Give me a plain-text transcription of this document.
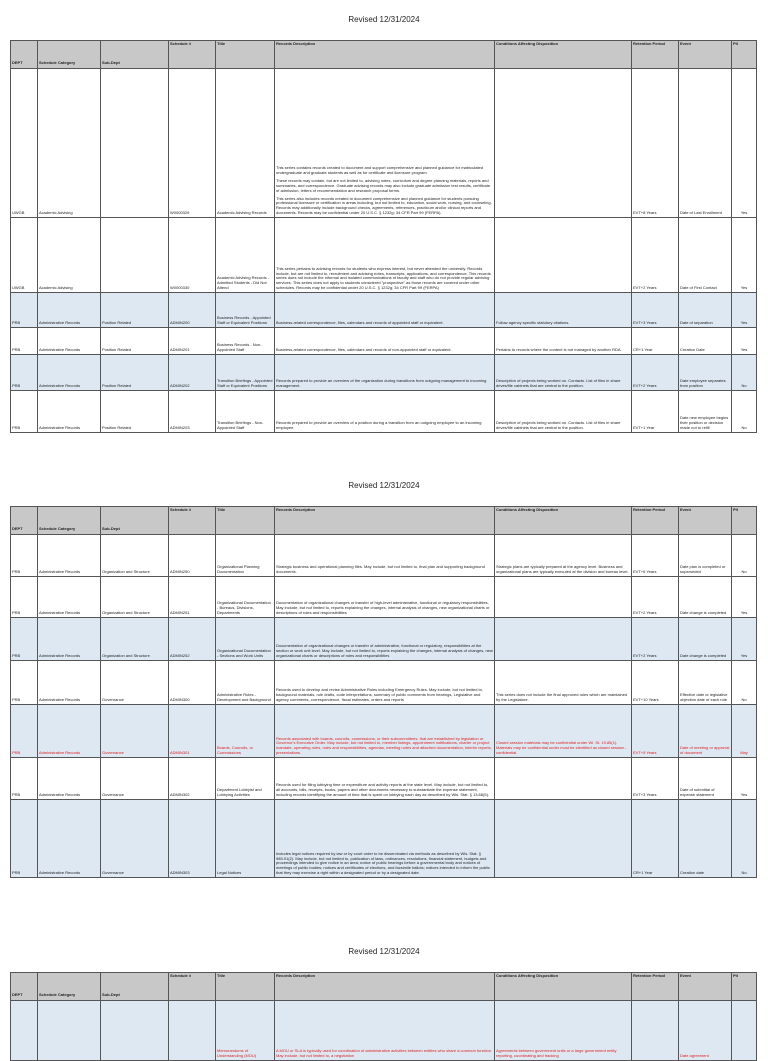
Revised 12/31/2024
DEPT	Schedule Category	Sub-Dept	Schedule #	Title	Records Description	Conditions Affecting Disposition	Retention Period	Event	PII

UWGB	Academic Advising		W0000329	Academic Advising Records	This series contains records created to document and support comprehensive and planned guidance for matriculated undergraduate and graduate students as well as for certificate and licensure program.

These records may contain, but are not limited to, advising notes, curriculum and degree planning materials, reports and summaries, and correspondence. Graduate advising records may also include graduate admission test results, certificate of admission, letters of recommendation and research proposal forms.

This series also includes records created to document comprehensive and planned guidance for students pursuing professional licensure or certification in areas including, but not limited to, education, social work, nursing, and counseling. Records may additionally include background checks, agreements, references, practicum and/or clinical reports and documents. Records may be confidential under 20 U.S.C. § 1232g; 34 CFR Part 99 (FERPA).		EVT+8 Years	Date of Last Enrollment	Yes
UWGB	Academic Advising		W0000330	Academic Advising Records - Admitted Students - Did Not Attend	This series pertains to advising records for students who express interest, but never attended the university. Records include, but are not limited to, recruitment and advising notes, transcripts, applications, and correspondence. This records series does not include the informal and isolated communications of faculty and staff who do not provide regular advising services. This series does not apply to students considered "prospective" as those records are covered under other schedules. Records may be confidential under 20 U.S.C. § 1232g; 34 CFR Part 99 (FERPA)		EVT+2 Years	Date of First Contact	Yes
PRB	Administrative Records	Position Related	ADMIN200	Business Records - Appointed Staff or Equivalent Positions	Business-related correspondence, files, calendars and records of appointed staff or equivalent.	Follow agency specific statutory citations.	EVT+3 Years	Date of separation	Yes
PRB	Administrative Records	Position Related	ADMIN201	Business Records - Non-Appointed Staff	Business-related correspondence, files, calendars and records of non-appointed staff or equivalent.	Pertains to records where the content is not managed by another RDA.	CR+1 Year	Creation Date	Yes
PRB	Administrative Records	Position Related	ADMIN202	Transition Briefings - Appointed Staff or Equivalent Positions	Records prepared to provide an overview of the organization during transitions from outgoing management to incoming management.	Description of projects being worked on. Contacts. List of files in share drives/file cabinets that are central to the position.	EVT+2 Years	Date employee separates from position	No
PRB	Administrative Records	Position Related	ADMIN203	Transition Briefings - Non-Appointed Staff	Records prepared to provide an overview of a position during a transition from an outgoing employee to an incoming employee.	Description of projects being worked on. Contacts. List of files in share drives/file cabinets that are central to the position.	EVT+1 Year	Date new employee begins their position or decision made not to refill	No
Revised 12/31/2024
DEPT	Schedule Category	Sub-Dept	Schedule #	Title	Records Description	Conditions Affecting Disposition	Retention Period	Event	PII

PRB	Administrative Records	Organization and Structure	ADMIN250	Organizational Planning Documentation	Strategic business and operational planning files. May include, but not limited to, final plan and supporting background documents.	Strategic plans are typically prepared at the agency level. Business and organizational plans are typically executed at the division and bureau level.	EVT+6 Years	Date plan is completed or superseded	No
PRB	Administrative Records	Organization and Structure	ADMIN251	Organizational Documentation - Bureaus, Divisions, Departments	Documentation of organizational changes or transfer of high-level administrative, functional or regulatory responsibilities. May include, but not limited to, reports explaining the changes, internal analysis of changes, new organizational charts or descriptions of roles and responsibilities		EVT+2 Years	Date change is completed	Yes
PRB	Administrative Records	Organization and Structure	ADMIN252	Organizational Documentation - Sections and Work Units	Documentation of organizational changes or transfer of administrative, functional or regulatory, responsibilities at the section or work unit level. May include, but not limited to, reports explaining the changes, internal analysis of changes, new organizational charts or descriptions of roles and responsibilities		EVT+2 Years	Date change is completed	Yes
PRB	Administrative Records	Governance	ADMIN300	Administrative Rules - Development and Background	Records used to develop and revise Administrative Rules including Emergency Rules. May include, but not limited to, background materials, rule drafts, code interpretations, summary of public comments from hearings, Legislative and agency comments, correspondence, fiscal estimates, orders and reports	This series does not include the final approved rules which are maintained by the Legislature.	EVT+10 Years	Effective date or legislative objection date of each rule	No
PRB	Administrative Records	Governance	ADMIN301	Boards, Councils, or Commissions	Records associated with boards, councils, commissions, or their subcommittees, that are established by legislation or Governor's Executive Order. May include, but not limited to, member listings, appointment notifications, charter or project mandate, operating rules, roles and responsibilities, agendas, meeting notes and attached documentation, interim reports, presentations.	Closed session materials may be confidential under Wi. St. 19.85(1). Materials may be confidential under must be identified as closed session - confidential.	EVT+5 Years	Date of meeting or approval of document	May
PRB	Administrative Records	Governance	ADMIN302	Department Lobbyist and Lobbying Activities	Records used for filing lobbying time or expenditure and activity reports at the state level. May include, but not limited to, all accounts, bills, receipts, books, papers and other documents necessary to substantiate the expense statement, including records identifying the amount of time that is spent on lobbying each day as described by Wis. Stat. § 13.68(5).		EVT+3 Years	Date of submittal of expense statement	Yes
PRB	Administrative Records	Governance	ADMIN303	Legal Notices	Includes legal notices required by law or by court order to be disseminated via methods as described by Wis. Stat. § 985.01(2). May include, but not limited to, publication of laws, ordinances, resolutions, financial statement, budgets and proceedings intended to give notice in an area; notice of public hearings before a governmental body and notices of meetings of public bodies; notices and certificates of elections, and facsimile ballots; notices intended to inform the public that they may exercise a right within a designated period or by a designated date.		CR+1 Year	Creation date	No
Revised 12/31/2024
DEPT	Schedule Category	Sub-Dept	Schedule #	Title	Records Description	Conditions Affecting Disposition	Retention Period	Event	PII

				Memorandums of Understanding (MOU)	A MOU or SLA is typically used for coordination of administrative activities between entities who share a common function. May include, but not limited to, a negotiation	Agreements between government units or a large government entity reporting, coordinating and tracking		Date agreement	
